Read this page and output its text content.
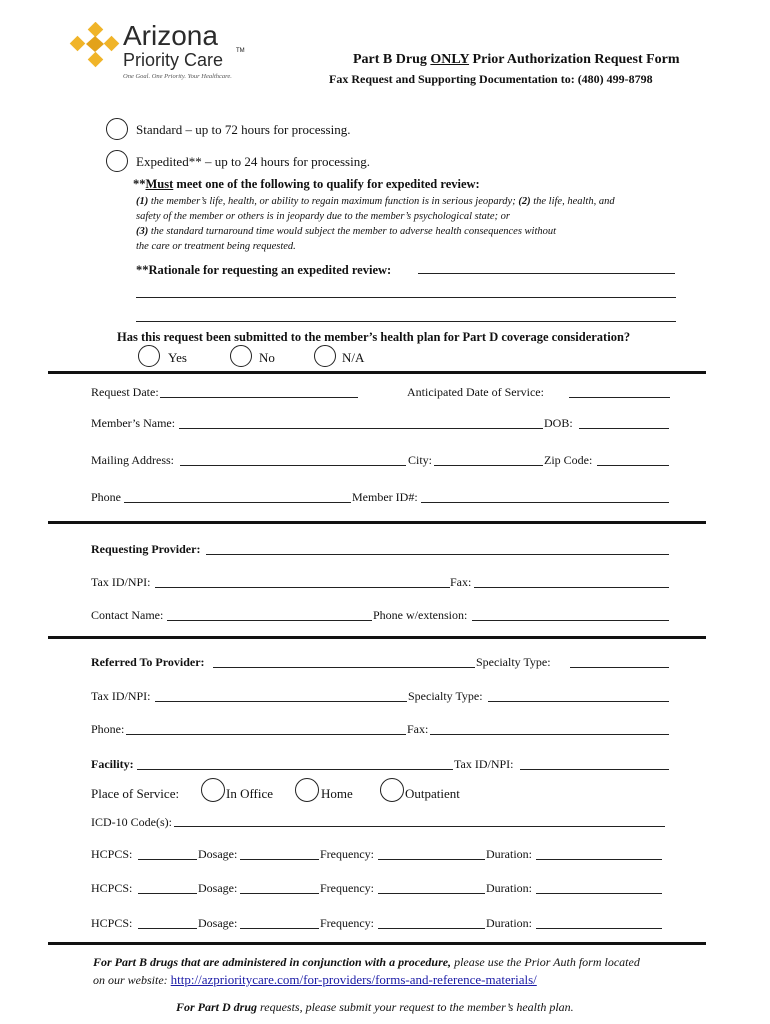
Arizona
Priority Care TM
One Goal. One Priority. Your Healthcare.
Part B Drug ONLY Prior Authorization Request Form
Fax Request and Supporting Documentation to: (480) 499-8798
Standard – up to 72 hours for processing.
Expedited** – up to 24 hours for processing.
**Must meet one of the following to qualify for expedited review:
(1) the member’s life, health, or ability to regain maximum function is in serious jeopardy; (2) the life, health, and
safety of the member or others is in jeopardy due to the member’s psychological state; or
(3) the standard turnaround time would subject the member to adverse health consequences without
the care or treatment being requested.
**Rationale for requesting an expedited review:
Has this request been submitted to the member’s health plan for Part D coverage consideration?
Yes	No	N/A
Request Date:	Anticipated Date of Service:
Member’s Name:	DOB:
Mailing Address:	City:	Zip Code:
Phone	Member ID#:
Requesting Provider:
Tax ID/NPI:	Fax:
Contact Name:	Phone w/extension:
Referred To Provider:	Specialty Type:
Tax ID/NPI:	Specialty Type:
Phone:	Fax:
Facility:	Tax ID/NPI:
Place of Service:	In Office	Home	Outpatient
ICD-10 Code(s):
HCPCS:	Dosage:	Frequency:	Duration:
HCPCS:	Dosage:	Frequency:	Duration:
HCPCS:	Dosage:	Frequency:	Duration:
For Part B drugs that are administered in conjunction with a procedure, please use the Prior Auth form located
on our website: http://azprioritycare.com/for-providers/forms-and-reference-materials/
For Part D drug requests, please submit your request to the member’s health plan.
